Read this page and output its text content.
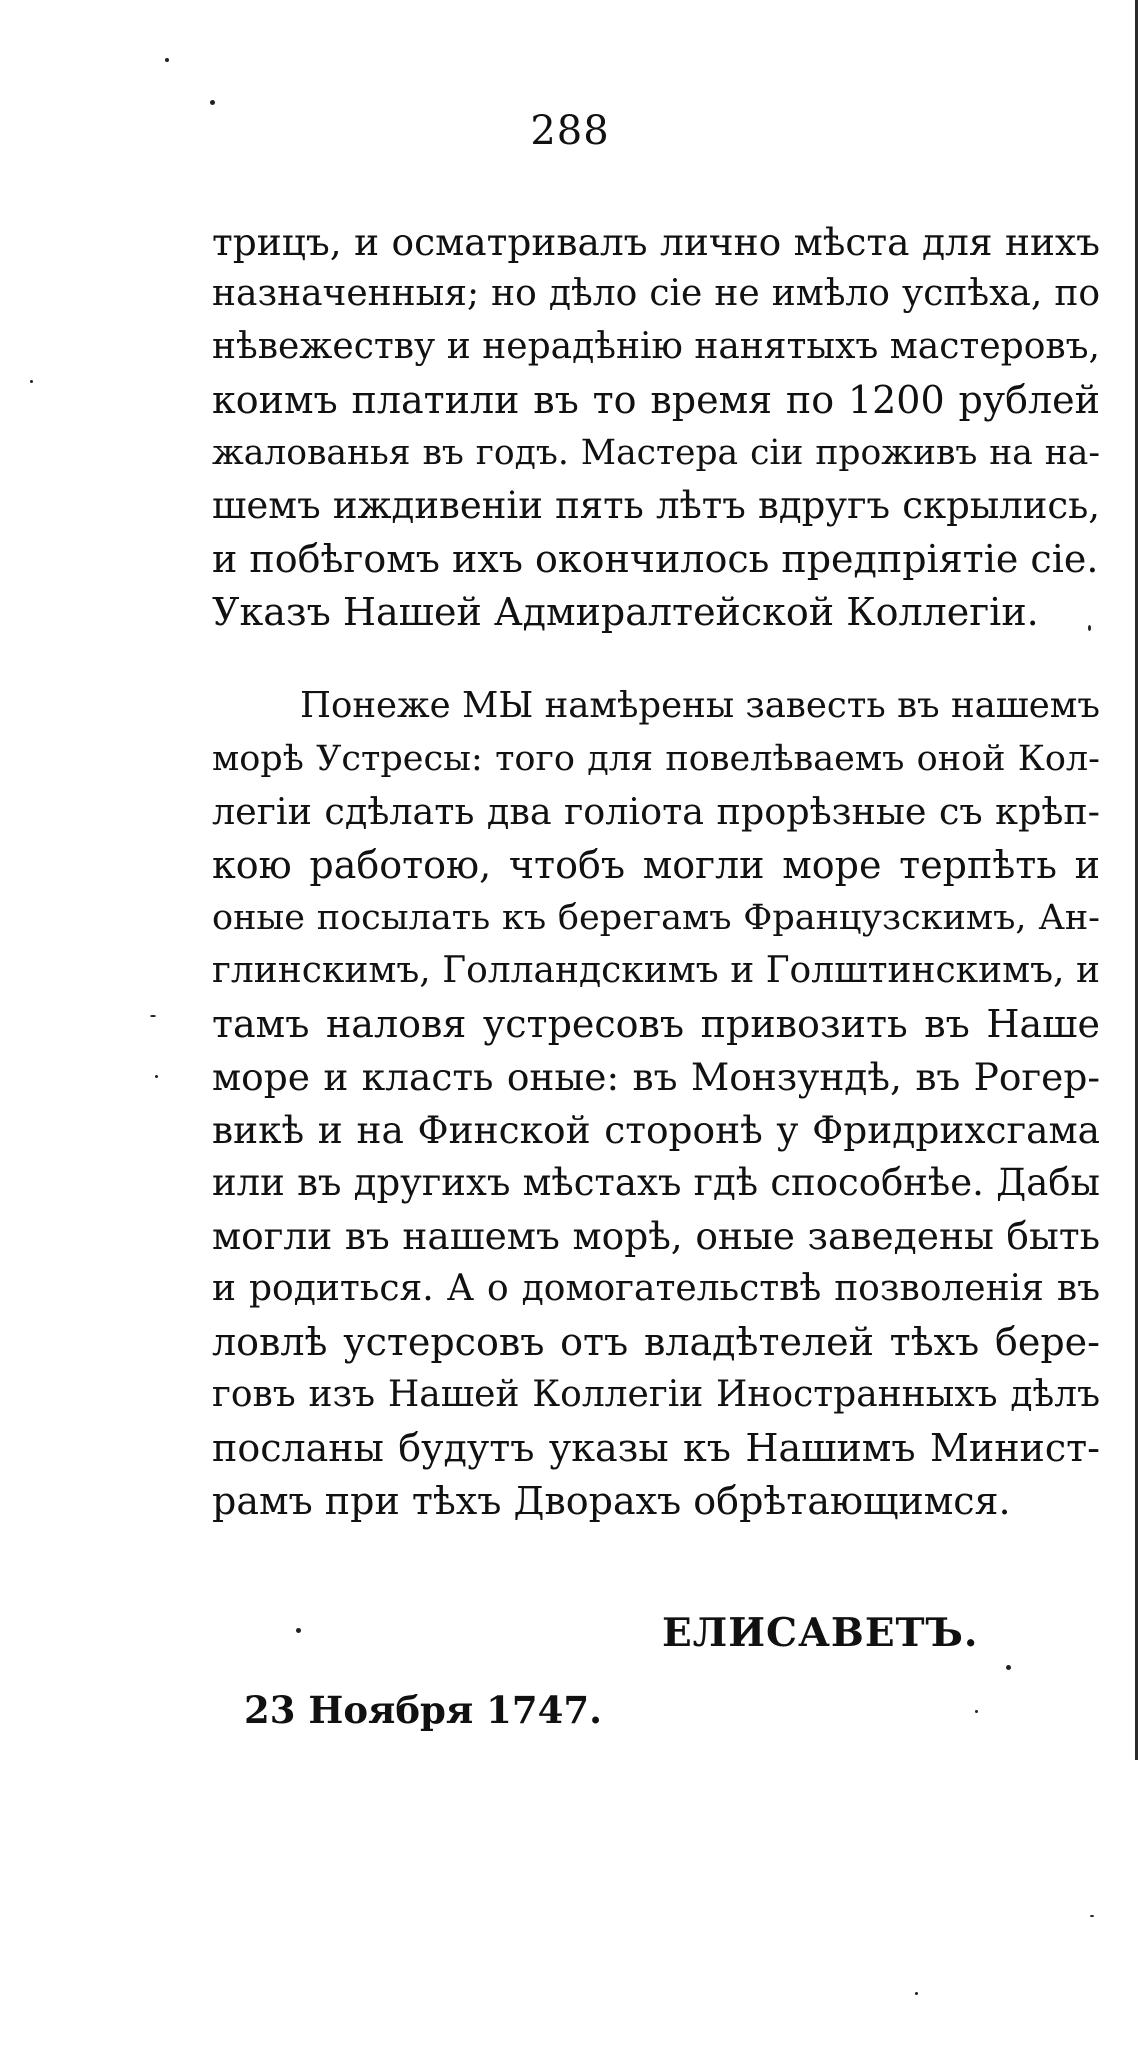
288
трицъ, и осматривалъ лично мѣста для нихъ
назначенныя; но дѣло сiе не имѣло успѣха, по
нѣвежеству и нерадѣнiю нанятыхъ мастеровъ,
коимъ платили въ то время по 1200 рублей
жалованья въ годъ. Мастера сiи проживъ на на-
шемъ иждивенiи пять лѣтъ вдругъ скрылись,
и побѣгомъ ихъ окончилось предпрiятiе сiе.
Указъ Нашей Адмиралтейской Коллегiи.
Понеже МЫ намѣрены завесть въ нашемъ
морѣ Устресы: того для повелѣваемъ оной Кол-
легiи сдѣлать два голiота прорѣзные съ крѣп-
кою работою, чтобъ могли море терпѣть и
оные посылать къ берегамъ Французскимъ, Ан-
глинскимъ, Голландскимъ и Голштинскимъ, и
тамъ наловя устресовъ привозить въ Наше
море и класть оные: въ Монзундѣ, въ Рогер-
викѣ и на Финской сторонѣ у Фридрихсгама
или въ другихъ мѣстахъ гдѣ способнѣе. Дабы
могли въ нашемъ морѣ, оные заведены быть
и родиться. А о домогательствѣ позволенiя въ
ловлѣ устерсовъ отъ владѣтелей тѣхъ бере-
говъ изъ Нашей Коллегiи Иностранныхъ дѣлъ
посланы будутъ указы къ Нашимъ Минист-
рамъ при тѣхъ Дворахъ обрѣтающимся.
ЕЛИСАВЕТЪ.
23 Ноября 1747.
